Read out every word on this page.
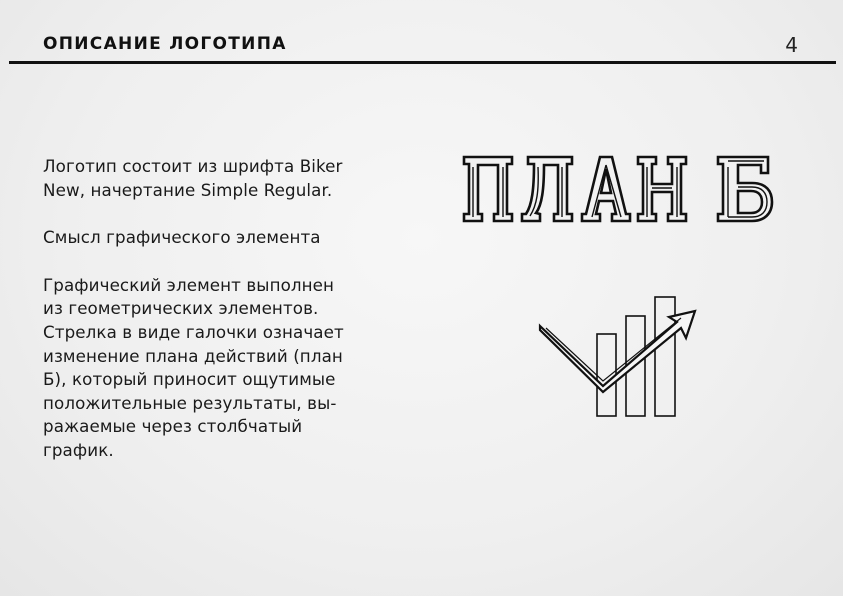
ОПИСАНИЕ ЛОГОТИПА	4

Логотип состоит из шрифта Biker
New, начертание Simple Regular.

Смысл графического элемента

Графический элемент выполнен
из геометрических элементов.
Стрелка в виде галочки означает
изменение плана действий (план
Б), который приносит ощутимые
положительные результаты, вы-
ражаемые через столбчатый
график.
